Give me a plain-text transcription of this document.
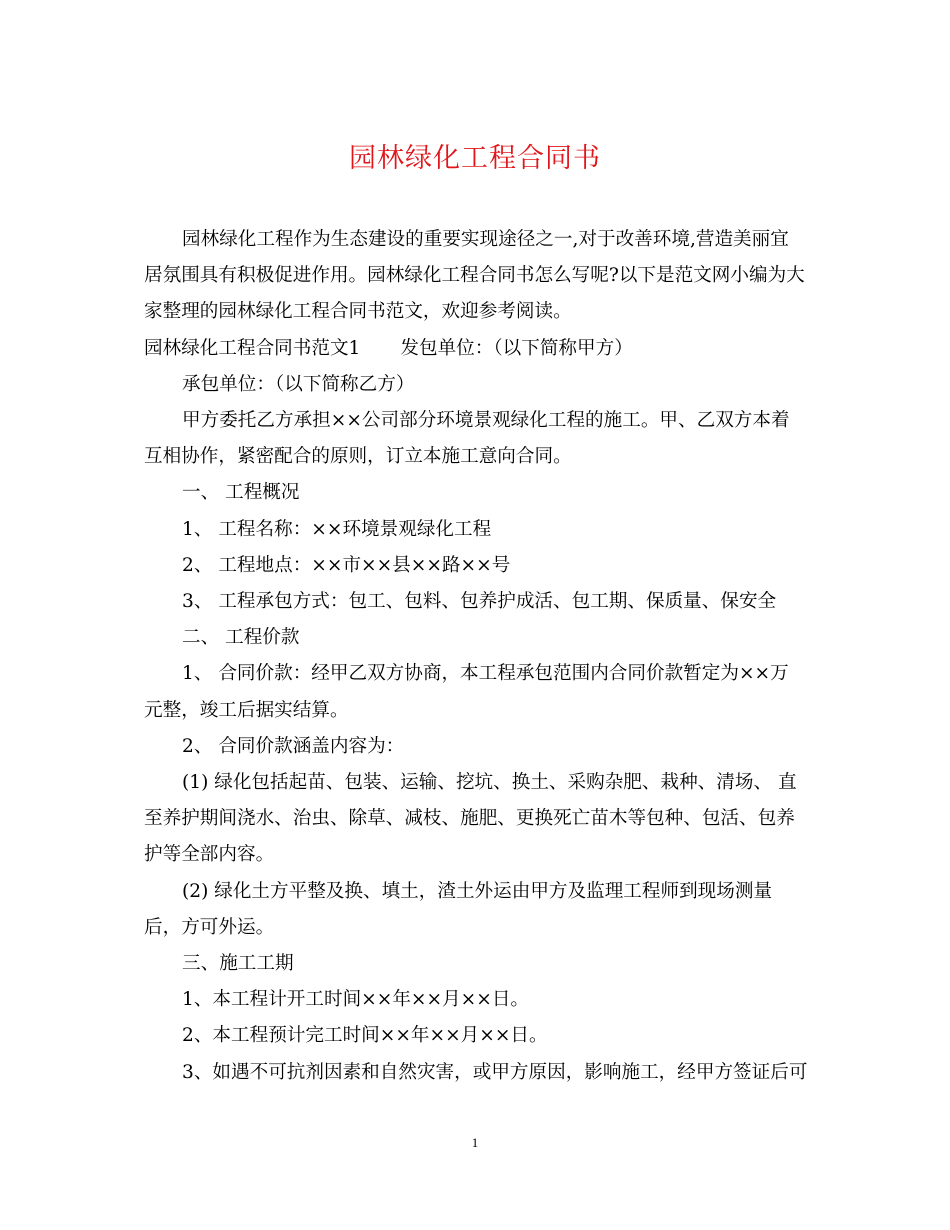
园林绿化工程合同书
园林绿化工程作为生态建设的重要实现途径之一,对于改善环境,营造美丽宜
居氛围具有积极促进作用。园林绿化工程合同书怎么写呢?以下是范文网小编为大
家整理的园林绿化工程合同书范文，欢迎参考阅读。
园林绿化工程合同书范文1 发包单位：（以下简称甲方）
承包单位：（以下简称乙方）
甲方委托乙方承担××公司部分环境景观绿化工程的施工。甲、乙双方本着
互相协作，紧密配合的原则，订立本施工意向合同。
一、 工程概况
1、 工程名称：××环境景观绿化工程
2、 工程地点：××市××县××路××号
3、 工程承包方式：包工、包料、包养护成活、包工期、保质量、保安全
二、 工程价款
1、 合同价款：经甲乙双方协商，本工程承包范围内合同价款暂定为××万
元整，竣工后据实结算。
2、 合同价款涵盖内容为：
(1) 绿化包括起苗、包装、运输、挖坑、换土、采购杂肥、栽种、清场、 直
至养护期间浇水、治虫、除草、减枝、施肥、更换死亡苗木等包种、包活、包养
护等全部内容。
(2) 绿化土方平整及换、填土，渣土外运由甲方及监理工程师到现场测量
后，方可外运。
三、施工工期
1、本工程计开工时间××年××月××日。
2、本工程预计完工时间××年××月××日。
3、如遇不可抗剂因素和自然灾害，或甲方原因，影响施工，经甲方签证后可
1
